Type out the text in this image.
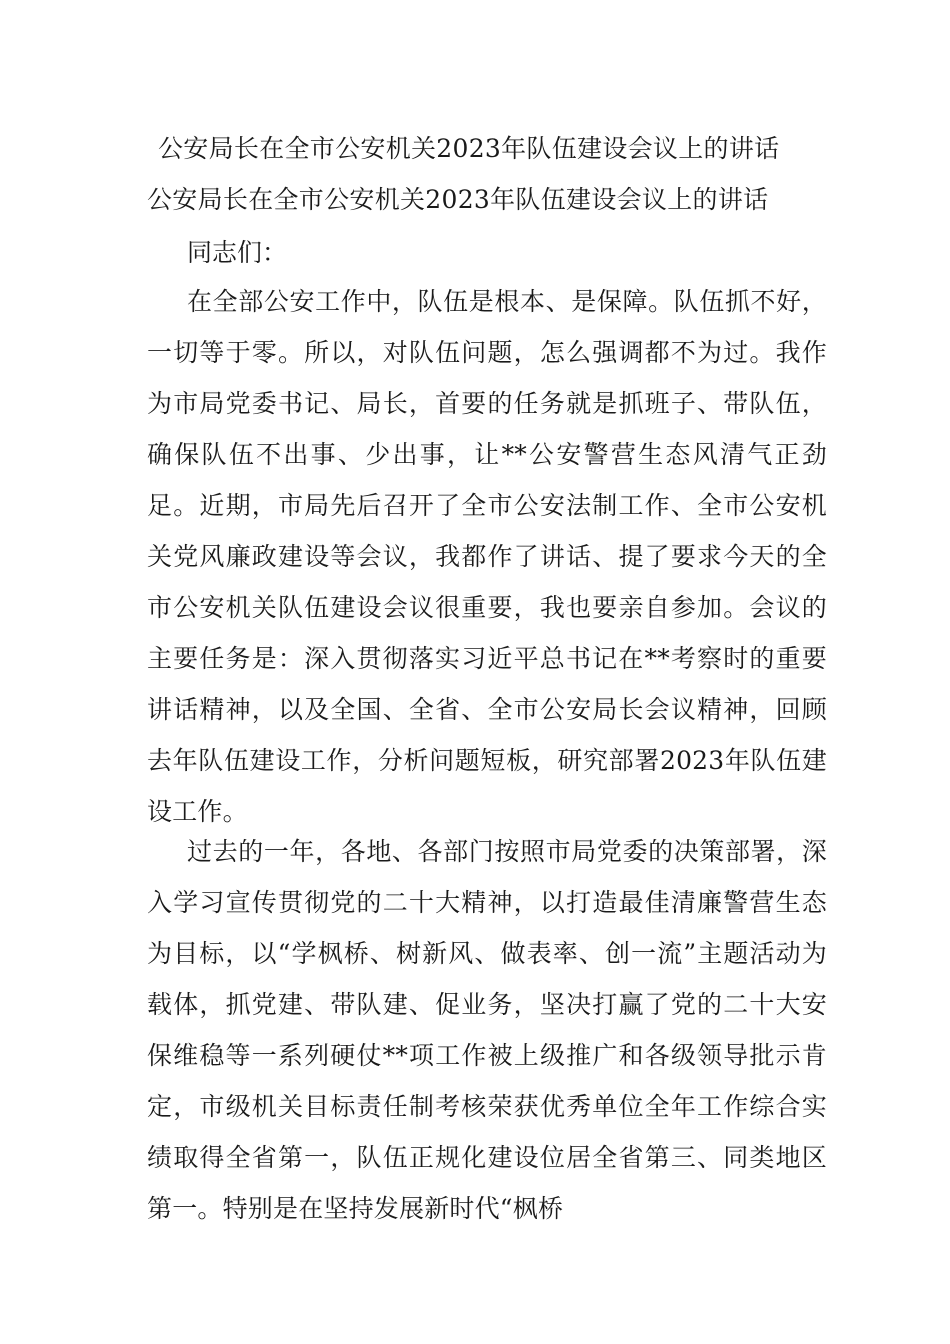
公安局长在全市公安机关2023年队伍建设会议上的讲话
公安局长在全市公安机关2023年队伍建设会议上的讲话
同志们：

在全部公安工作中，队伍是根本、是保障。队伍抓不好，一切等于零。所以，对队伍问题，怎么强调都不为过。我作为市局党委书记、局长，首要的任务就是抓班子、带队伍，确保队伍不出事、少出事，让**公安警营生态风清气正劲足。近期，市局先后召开了全市公安法制工作、全市公安机关党风廉政建设等会议，我都作了讲话、提了要求今天的全市公安机关队伍建设会议很重要，我也要亲自参加。会议的主要任务是：深入贯彻落实习近平总书记在**考察时的重要讲话精神，以及全国、全省、全市公安局长会议精神，回顾去年队伍建设工作，分析问题短板，研究部署2023年队伍建设工作。

过去的一年，各地、各部门按照市局党委的决策部署，深入学习宣传贯彻党的二十大精神，以打造最佳清廉警营生态为目标，以“学枫桥、树新风、做表率、创一流”主题活动为载体，抓党建、带队建、促业务，坚决打赢了党的二十大安保维稳等一系列硬仗**项工作被上级推广和各级领导批示肯定，市级机关目标责任制考核荣获优秀单位全年工作综合实绩取得全省第一，队伍正规化建设位居全省第三、同类地区第一。特别是在坚持发展新时代“枫桥
